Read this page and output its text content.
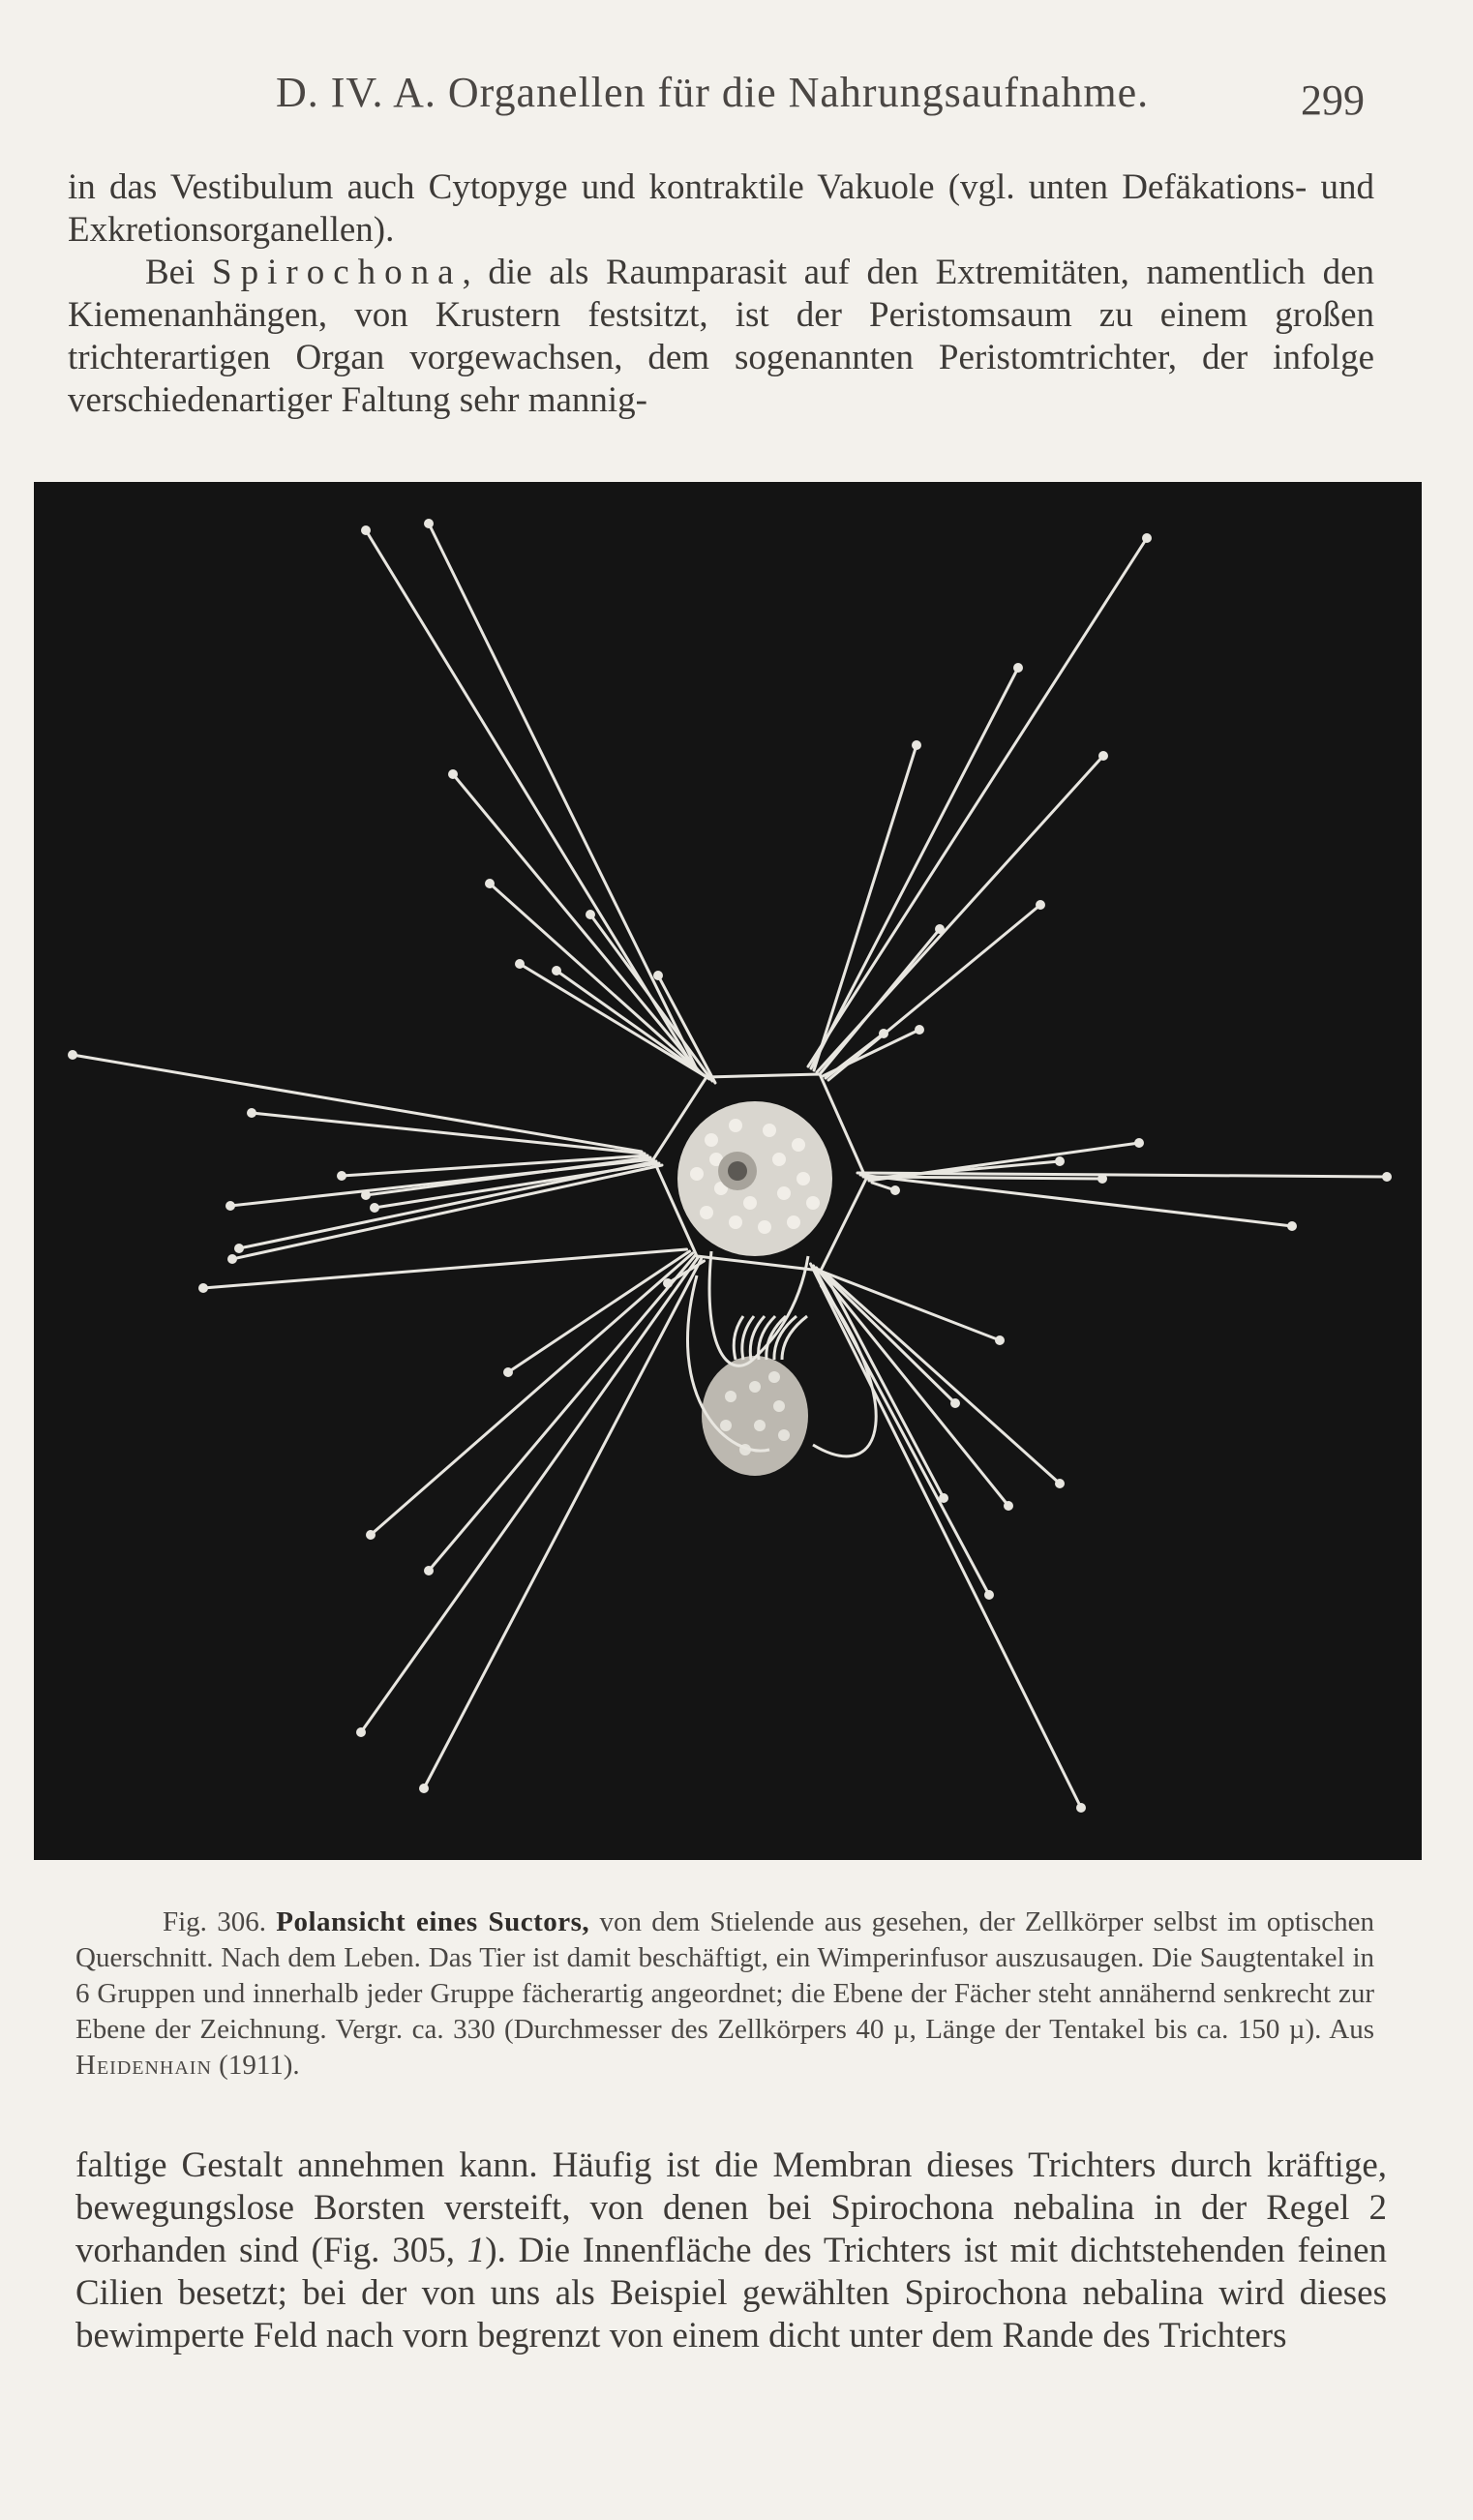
D. IV. A. Organellen für die Nahrungsaufnahme.	299

in das Vestibulum auch Cytopyge und kontraktile Vakuole (vgl. unten Defäkations- und Exkretionsorganellen).

Bei Spirochona, die als Raumparasit auf den Extremitäten, namentlich den Kiemenanhängen, von Krustern festsitzt, ist der Peristomsaum zu einem großen trichterartigen Organ vorgewachsen, dem sogenannten Peristomtrichter, der infolge verschiedenartiger Faltung sehr mannig-

Fig. 306. Polansicht eines Suctors, von dem Stielende aus gesehen, der Zellkörper selbst im optischen Querschnitt. Nach dem Leben. Das Tier ist damit beschäftigt, ein Wimperinfusor auszusaugen. Die Saugtentakel in 6 Gruppen und innerhalb jeder Gruppe fächerartig angeordnet; die Ebene der Fächer steht annähernd senkrecht zur Ebene der Zeichnung. Vergr. ca. 330 (Durchmesser des Zellkörpers 40 µ, Länge der Tentakel bis ca. 150 µ). Aus Heidenhain (1911).

faltige Gestalt annehmen kann. Häufig ist die Membran dieses Trichters durch kräftige, bewegungslose Borsten versteift, von denen bei Spirochona nebalina in der Regel 2 vorhanden sind (Fig. 305, 1). Die Innenfläche des Trichters ist mit dichtstehenden feinen Cilien besetzt; bei der von uns als Beispiel gewählten Spirochona nebalina wird dieses bewimperte Feld nach vorn begrenzt von einem dicht unter dem Rande des Trichters
